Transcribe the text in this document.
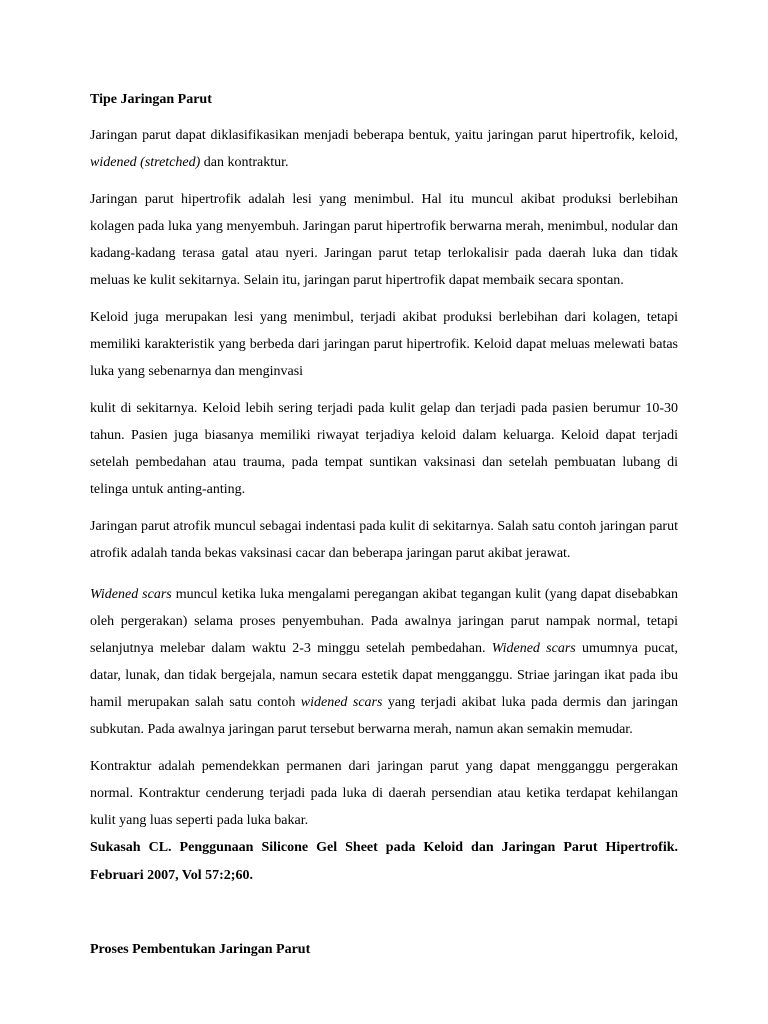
Tipe Jaringan Parut

Jaringan parut dapat diklasifikasikan menjadi beberapa bentuk, yaitu jaringan parut hipertrofik, keloid, widened (stretched) dan kontraktur.

Jaringan parut hipertrofik adalah lesi yang menimbul. Hal itu muncul akibat produksi berlebihan kolagen pada luka yang menyembuh. Jaringan parut hipertrofik berwarna merah, menimbul, nodular dan kadang-kadang terasa gatal atau nyeri. Jaringan parut tetap terlokalisir pada daerah luka dan tidak meluas ke kulit sekitarnya. Selain itu, jaringan parut hipertrofik dapat membaik secara spontan.

Keloid juga merupakan lesi yang menimbul, terjadi akibat produksi berlebihan dari kolagen, tetapi memiliki karakteristik yang berbeda dari jaringan parut hipertrofik. Keloid dapat meluas melewati batas luka yang sebenarnya dan menginvasi

kulit di sekitarnya. Keloid lebih sering terjadi pada kulit gelap dan terjadi pada pasien berumur 10-30 tahun. Pasien juga biasanya memiliki riwayat terjadiya keloid dalam keluarga. Keloid dapat terjadi setelah pembedahan atau trauma, pada tempat suntikan vaksinasi dan setelah pembuatan lubang di telinga untuk anting-anting.

Jaringan parut atrofik muncul sebagai indentasi pada kulit di sekitarnya. Salah satu contoh jaringan parut atrofik adalah tanda bekas vaksinasi cacar dan beberapa jaringan parut akibat jerawat.

Widened scars muncul ketika luka mengalami peregangan akibat tegangan kulit (yang dapat disebabkan oleh pergerakan) selama proses penyembuhan. Pada awalnya jaringan parut nampak normal, tetapi selanjutnya melebar dalam waktu 2-3 minggu setelah pembedahan. Widened scars umumnya pucat, datar, lunak, dan tidak bergejala, namun secara estetik dapat mengganggu. Striae jaringan ikat pada ibu hamil merupakan salah satu contoh widened scars yang terjadi akibat luka pada dermis dan jaringan subkutan. Pada awalnya jaringan parut tersebut berwarna merah, namun akan semakin memudar.

Kontraktur adalah pemendekkan permanen dari jaringan parut yang dapat mengganggu pergerakan normal. Kontraktur cenderung terjadi pada luka di daerah persendian atau ketika terdapat kehilangan kulit yang luas seperti pada luka bakar.

Sukasah CL. Penggunaan Silicone Gel Sheet pada Keloid dan Jaringan Parut Hipertrofik. Februari 2007, Vol 57:2;60.

Proses Pembentukan Jaringan Parut
